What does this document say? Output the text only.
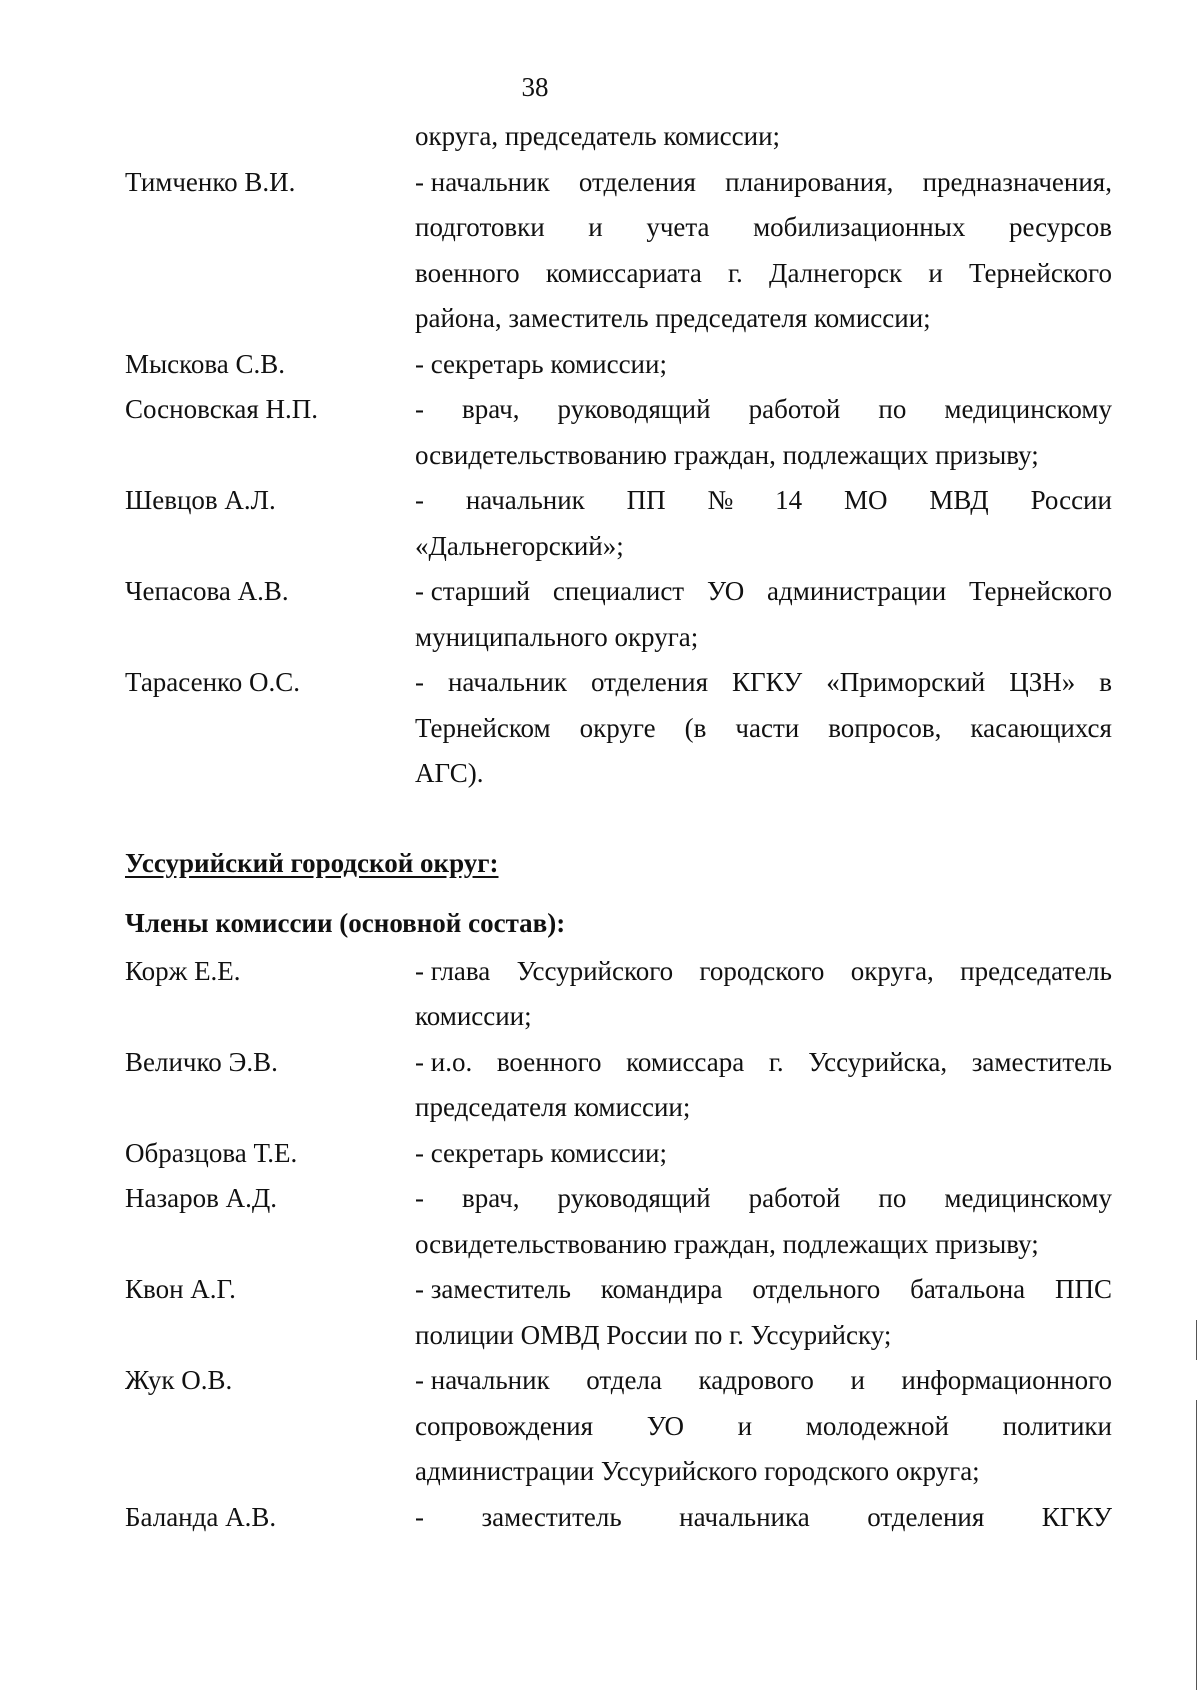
38
округа, председатель комиссии;
Тимченко В.И.	- начальник отделения планирования, предназначения,
подготовки и учета мобилизационных ресурсов
военного комиссариата г. Далнегорск и Тернейского
района, заместитель председателя комиссии;
Мыскова С.В.	- секретарь комиссии;
Сосновская Н.П.	- врач, руководящий работой по медицинскому
освидетельствованию граждан, подлежащих призыву;
Шевцов А.Л.	- начальник ПП № 14 МО МВД России
«Дальнегорский»;
Чепасова А.В.	- старший специалист УО администрации Тернейского
муниципального округа;
Тарасенко О.С.	- начальник отделения КГКУ «Приморский ЦЗН» в
Тернейском округе (в части вопросов, касающихся
АГС).
Уссурийский городской округ:
Члены комиссии (основной состав):
Корж Е.Е.	- глава Уссурийского городского округа, председатель
комиссии;
Величко Э.В.	- и.о. военного комиссара г. Уссурийска, заместитель
председателя комиссии;
Образцова Т.Е.	- секретарь комиссии;
Назаров А.Д.	- врач, руководящий работой по медицинскому
освидетельствованию граждан, подлежащих призыву;
Квон А.Г.	- заместитель командира отдельного батальона ППС
полиции ОМВД России по г. Уссурийску;
Жук О.В.	- начальник отдела кадрового и информационного
сопровождения УО и молодежной политики
администрации Уссурийского городского округа;
Баланда А.В.	- заместитель начальника отделения КГКУ
